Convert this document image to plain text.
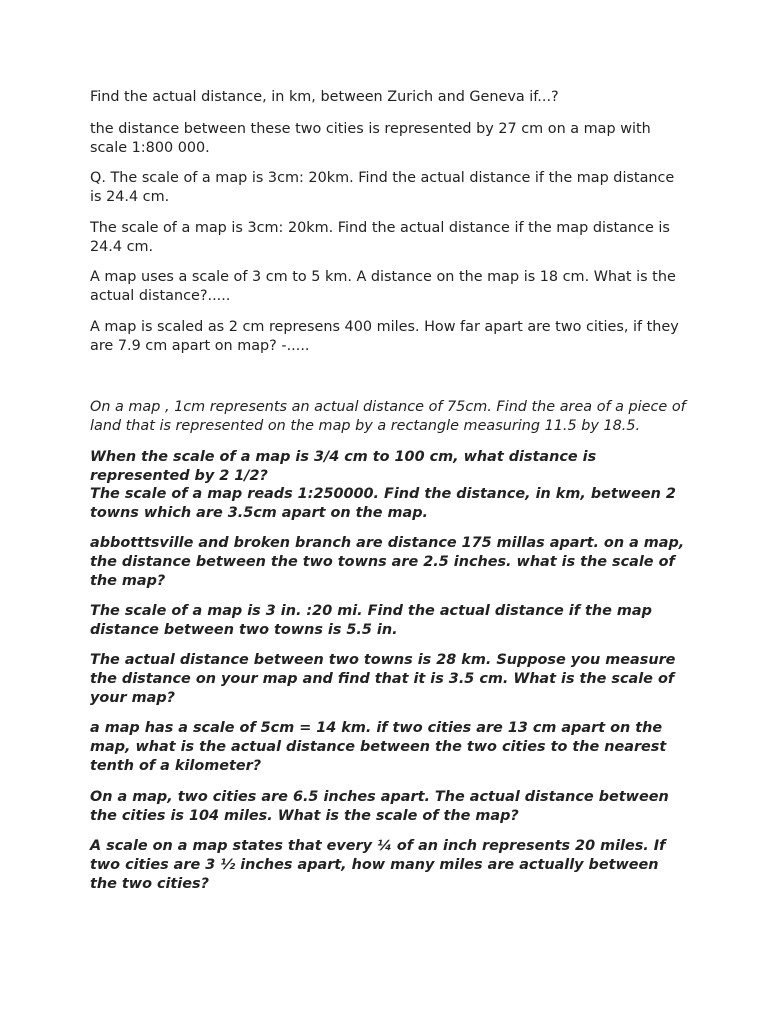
Find the actual distance, in km, between Zurich and Geneva if...?

the distance between these two cities is represented by 27 cm on a map with scale 1:800 000.

Q. The scale of a map is 3cm: 20km. Find the actual distance if the map distance is 24.4 cm.

The scale of a map is 3cm: 20km. Find the actual distance if the map distance is 24.4 cm.

A map uses a scale of 3 cm to 5 km. A distance on the map is 18 cm. What is the actual distance?.....

A map is scaled as 2 cm represens 400 miles. How far apart are two cities, if they are 7.9 cm apart on map? -.....

On a map , 1cm represents an actual distance of 75cm. Find the area of a piece of land that is represented on the map by a rectangle measuring 11.5 by 18.5.

When the scale of a map is 3/4 cm to 100 cm, what distance is represented by 2 1/2?

The scale of a map reads 1:250000. Find the distance, in km, between 2 towns which are 3.5cm apart on the map.

abbotttsville and broken branch are distance 175 millas apart. on a map, the distance between the two towns are 2.5 inches. what is the scale of the map?

The scale of a map is 3 in. :20 mi. Find the actual distance if the map distance between two towns is 5.5 in.

The actual distance between two towns is 28 km. Suppose you measure the distance on your map and find that it is 3.5 cm. What is the scale of your map?

a map has a scale of 5cm = 14 km. if two cities are 13 cm apart on the map, what is the actual distance between the two cities to the nearest tenth of a kilometer?

On a map, two cities are 6.5 inches apart. The actual distance between the cities is 104 miles. What is the scale of the map?

A scale on a map states that every ¼ of an inch represents 20 miles. If two cities are 3 ½ inches apart, how many miles are actually between the two cities?
